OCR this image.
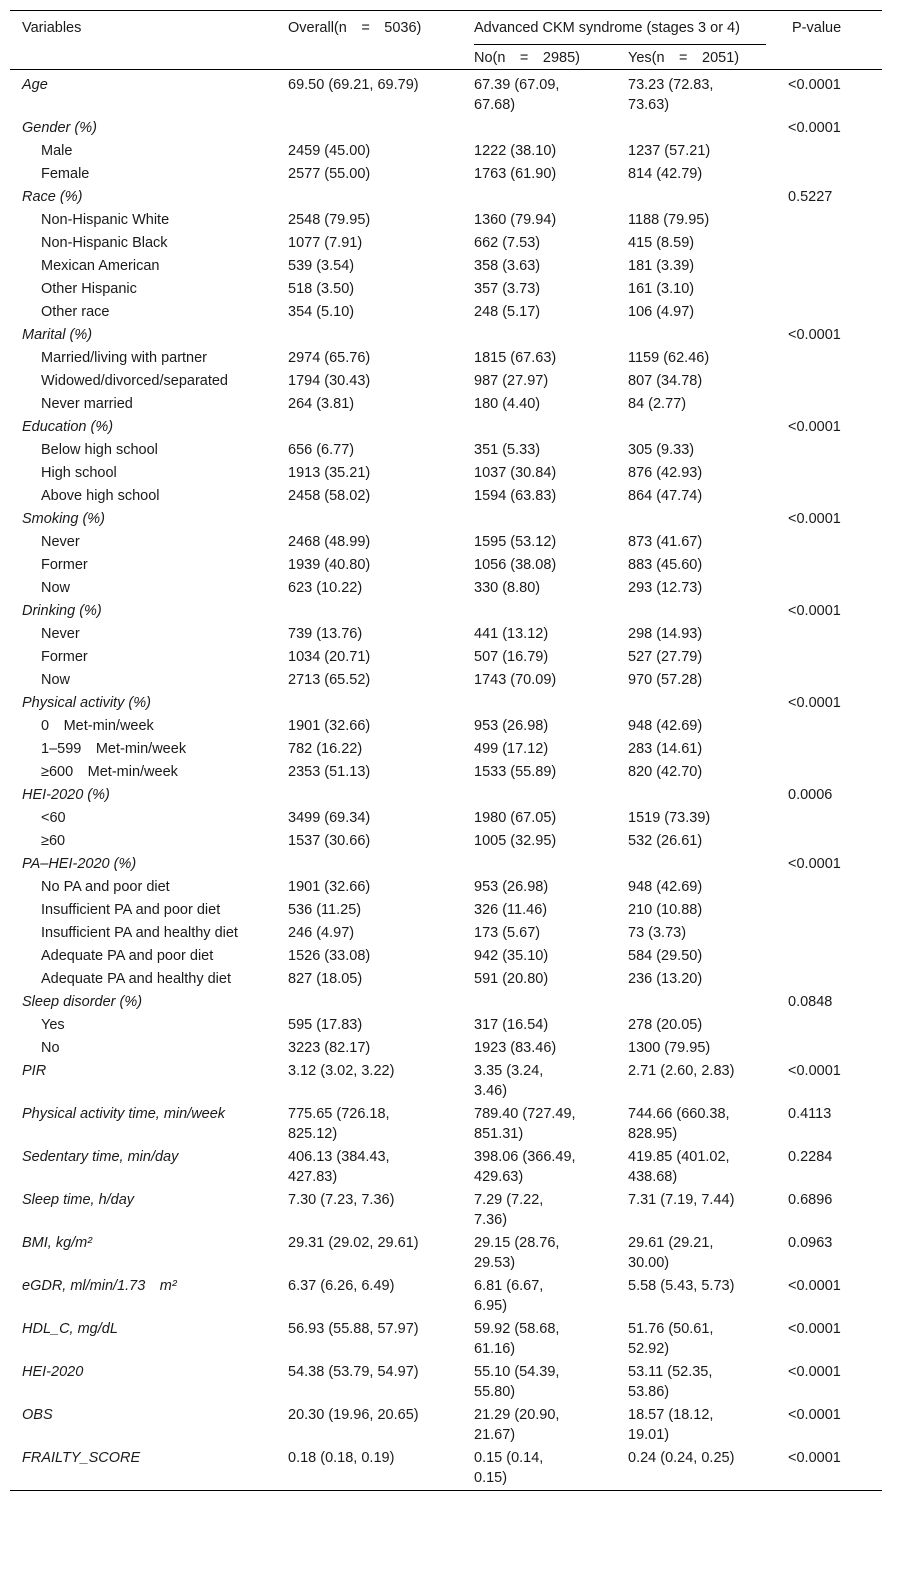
Variables	Overall(n = 5036)	Advanced CKM syndrome (stages 3 or 4)		P-value
		No(n = 2985)	Yes(n = 2051)	
Age	69.50 (69.21, 69.79)	67.39 (67.09,
67.68)	73.23 (72.83,
73.63)	<0.0001
Gender (%)				<0.0001
Male	2459 (45.00)	1222 (38.10)	1237 (57.21)	
Female	2577 (55.00)	1763 (61.90)	814 (42.79)	
Race (%)				0.5227
Non-Hispanic White	2548 (79.95)	1360 (79.94)	1188 (79.95)	
Non-Hispanic Black	1077 (7.91)	662 (7.53)	415 (8.59)	
Mexican American	539 (3.54)	358 (3.63)	181 (3.39)	
Other Hispanic	518 (3.50)	357 (3.73)	161 (3.10)	
Other race	354 (5.10)	248 (5.17)	106 (4.97)	
Marital (%)				<0.0001
Married/living with partner	2974 (65.76)	1815 (67.63)	1159 (62.46)	
Widowed/divorced/separated	1794 (30.43)	987 (27.97)	807 (34.78)	
Never married	264 (3.81)	180 (4.40)	84 (2.77)	
Education (%)				<0.0001
Below high school	656 (6.77)	351 (5.33)	305 (9.33)	
High school	1913 (35.21)	1037 (30.84)	876 (42.93)	
Above high school	2458 (58.02)	1594 (63.83)	864 (47.74)	
Smoking (%)				<0.0001
Never	2468 (48.99)	1595 (53.12)	873 (41.67)	
Former	1939 (40.80)	1056 (38.08)	883 (45.60)	
Now	623 (10.22)	330 (8.80)	293 (12.73)	
Drinking (%)				<0.0001
Never	739 (13.76)	441 (13.12)	298 (14.93)	
Former	1034 (20.71)	507 (16.79)	527 (27.79)	
Now	2713 (65.52)	1743 (70.09)	970 (57.28)	
Physical activity (%)				<0.0001
0 Met-min/week	1901 (32.66)	953 (26.98)	948 (42.69)	
1–599 Met-min/week	782 (16.22)	499 (17.12)	283 (14.61)	
≥600 Met-min/week	2353 (51.13)	1533 (55.89)	820 (42.70)	
HEI-2020 (%)				0.0006
<60	3499 (69.34)	1980 (67.05)	1519 (73.39)	
≥60	1537 (30.66)	1005 (32.95)	532 (26.61)	
PA–HEI-2020 (%)				<0.0001
No PA and poor diet	1901 (32.66)	953 (26.98)	948 (42.69)	
Insufficient PA and poor diet	536 (11.25)	326 (11.46)	210 (10.88)	
Insufficient PA and healthy diet	246 (4.97)	173 (5.67)	73 (3.73)	
Adequate PA and poor diet	1526 (33.08)	942 (35.10)	584 (29.50)	
Adequate PA and healthy diet	827 (18.05)	591 (20.80)	236 (13.20)	
Sleep disorder (%)				0.0848
Yes	595 (17.83)	317 (16.54)	278 (20.05)	
No	3223 (82.17)	1923 (83.46)	1300 (79.95)	
PIR	3.12 (3.02, 3.22)	3.35 (3.24,
3.46)	2.71 (2.60, 2.83)	<0.0001
Physical activity time, min/week	775.65 (726.18,
825.12)	789.40 (727.49,
851.31)	744.66 (660.38,
828.95)	0.4113
Sedentary time, min/day	406.13 (384.43,
427.83)	398.06 (366.49,
429.63)	419.85 (401.02,
438.68)	0.2284
Sleep time, h/day	7.30 (7.23, 7.36)	7.29 (7.22,
7.36)	7.31 (7.19, 7.44)	0.6896
BMI, kg/m²	29.31 (29.02, 29.61)	29.15 (28.76,
29.53)	29.61 (29.21,
30.00)	0.0963
eGDR, ml/min/1.73 m²	6.37 (6.26, 6.49)	6.81 (6.67,
6.95)	5.58 (5.43, 5.73)	<0.0001
HDL_C, mg/dL	56.93 (55.88, 57.97)	59.92 (58.68,
61.16)	51.76 (50.61,
52.92)	<0.0001
HEI-2020	54.38 (53.79, 54.97)	55.10 (54.39,
55.80)	53.11 (52.35,
53.86)	<0.0001
OBS	20.30 (19.96, 20.65)	21.29 (20.90,
21.67)	18.57 (18.12,
19.01)	<0.0001
FRAILTY_SCORE	0.18 (0.18, 0.19)	0.15 (0.14,
0.15)	0.24 (0.24, 0.25)	<0.0001
